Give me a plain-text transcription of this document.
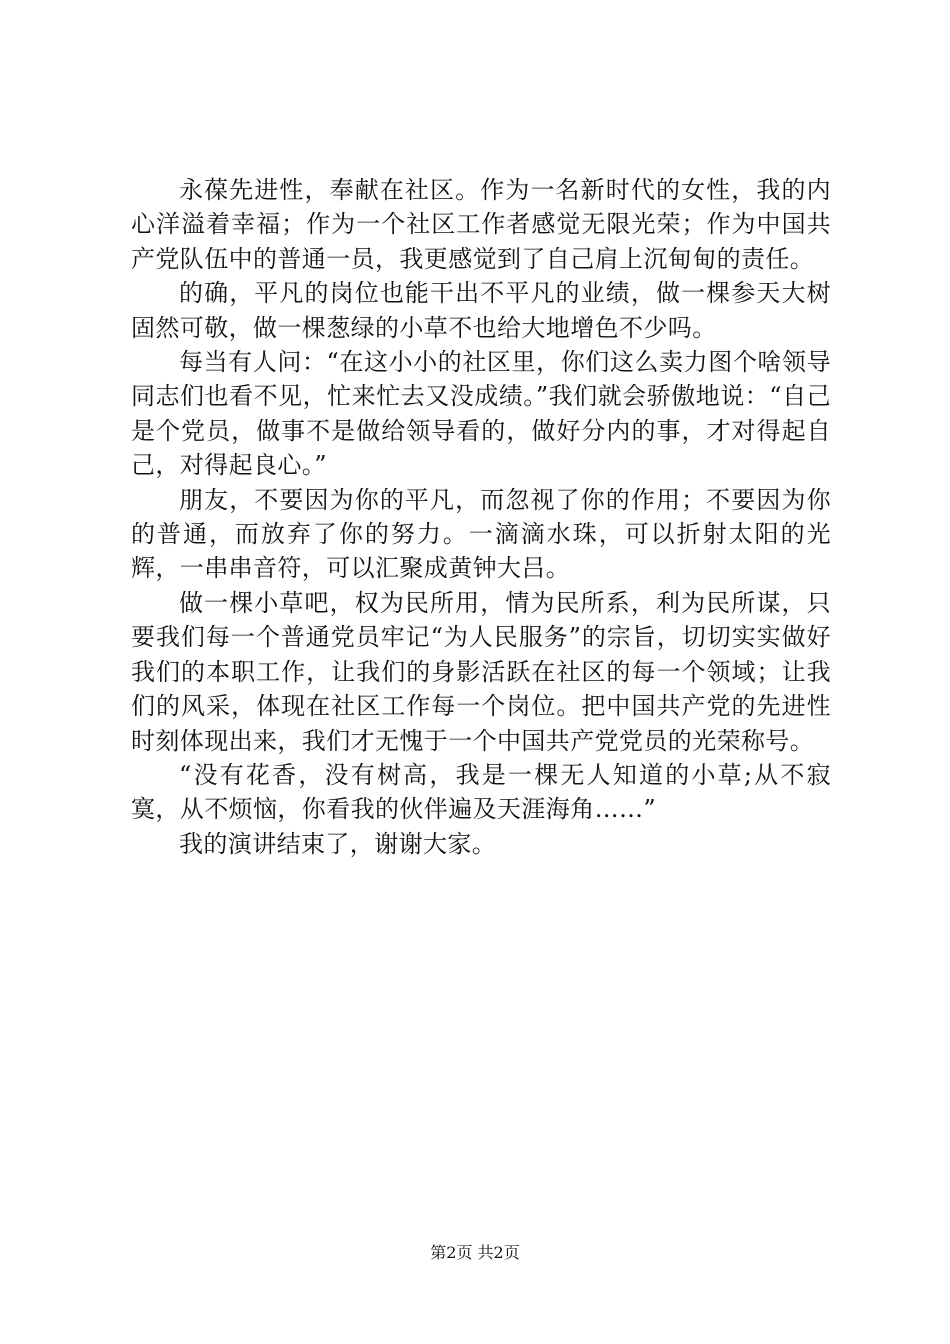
永葆先进性，奉献在社区。作为一名新时代的女性，我的内心洋溢着幸福；作为一个社区工作者感觉无限光荣；作为中国共产党队伍中的普通一员，我更感觉到了自己肩上沉甸甸的责任。

的确，平凡的岗位也能干出不平凡的业绩，做一棵参天大树固然可敬，做一棵葱绿的小草不也给大地增色不少吗。

每当有人问：“在这小小的社区里，你们这么卖力图个啥领导同志们也看不见，忙来忙去又没成绩。”我们就会骄傲地说：“自己是个党员，做事不是做给领导看的，做好分内的事，才对得起自己，对得起良心。”

朋友，不要因为你的平凡，而忽视了你的作用；不要因为你的普通，而放弃了你的努力。一滴滴水珠，可以折射太阳的光辉，一串串音符，可以汇聚成黄钟大吕。

做一棵小草吧，权为民所用，情为民所系，利为民所谋，只要我们每一个普通党员牢记“为人民服务”的宗旨，切切实实做好我们的本职工作，让我们的身影活跃在社区的每一个领域；让我们的风采，体现在社区工作每一个岗位。把中国共产党的先进性时刻体现出来，我们才无愧于一个中国共产党党员的光荣称号。

“没有花香，没有树高，我是一棵无人知道的小草;从不寂寞，从不烦恼，你看我的伙伴遍及天涯海角……”

我的演讲结束了，谢谢大家。

第2页 共2页
